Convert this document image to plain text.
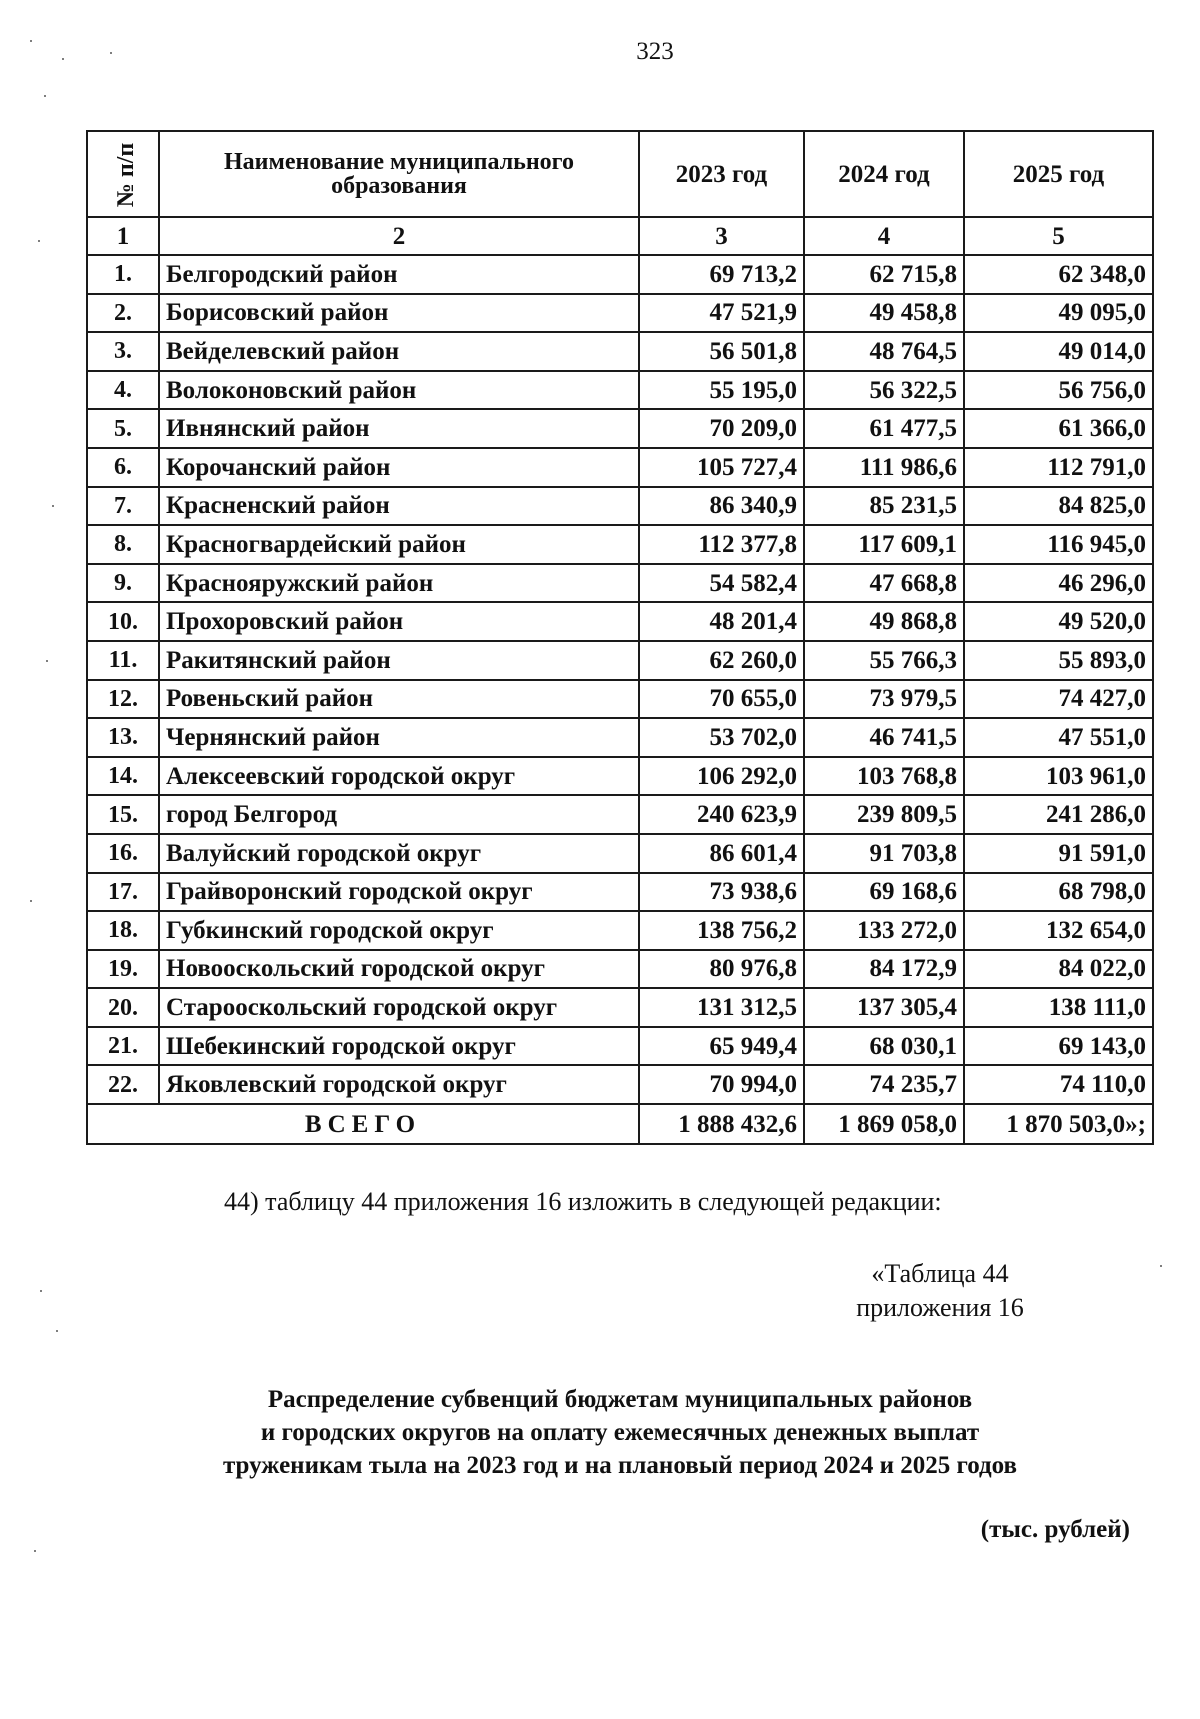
323
№ п/п	Наименование муниципального образования	2023 год	2024 год	2025 год
1	2	3	4	5
1.	Белгородский район	69 713,2	62 715,8	62 348,0
2.	Борисовский район	47 521,9	49 458,8	49 095,0
3.	Вейделевский район	56 501,8	48 764,5	49 014,0
4.	Волоконовский район	55 195,0	56 322,5	56 756,0
5.	Ивнянский район	70 209,0	61 477,5	61 366,0
6.	Корочанский район	105 727,4	111 986,6	112 791,0
7.	Красненский район	86 340,9	85 231,5	84 825,0
8.	Красногвардейский район	112 377,8	117 609,1	116 945,0
9.	Краснояружский район	54 582,4	47 668,8	46 296,0
10.	Прохоровский район	48 201,4	49 868,8	49 520,0
11.	Ракитянский район	62 260,0	55 766,3	55 893,0
12.	Ровеньский район	70 655,0	73 979,5	74 427,0
13.	Чернянский район	53 702,0	46 741,5	47 551,0
14.	Алексеевский городской округ	106 292,0	103 768,8	103 961,0
15.	город Белгород	240 623,9	239 809,5	241 286,0
16.	Валуйский городской округ	86 601,4	91 703,8	91 591,0
17.	Грайворонский городской округ	73 938,6	69 168,6	68 798,0
18.	Губкинский городской округ	138 756,2	133 272,0	132 654,0
19.	Новооскольский городской округ	80 976,8	84 172,9	84 022,0
20.	Старооскольский городской округ	131 312,5	137 305,4	138 111,0
21.	Шебекинский городской округ	65 949,4	68 030,1	69 143,0
22.	Яковлевский городской округ	70 994,0	74 235,7	74 110,0
ВСЕГО		1 888 432,6	1 869 058,0	1 870 503,0»;
44) таблицу 44 приложения 16 изложить в следующей редакции:
«Таблица 44
приложения 16
Распределение субвенций бюджетам муниципальных районов
и городских округов на оплату ежемесячных денежных выплат
труженикам тыла на 2023 год и на плановый период 2024 и 2025 годов
(тыс. рублей)
